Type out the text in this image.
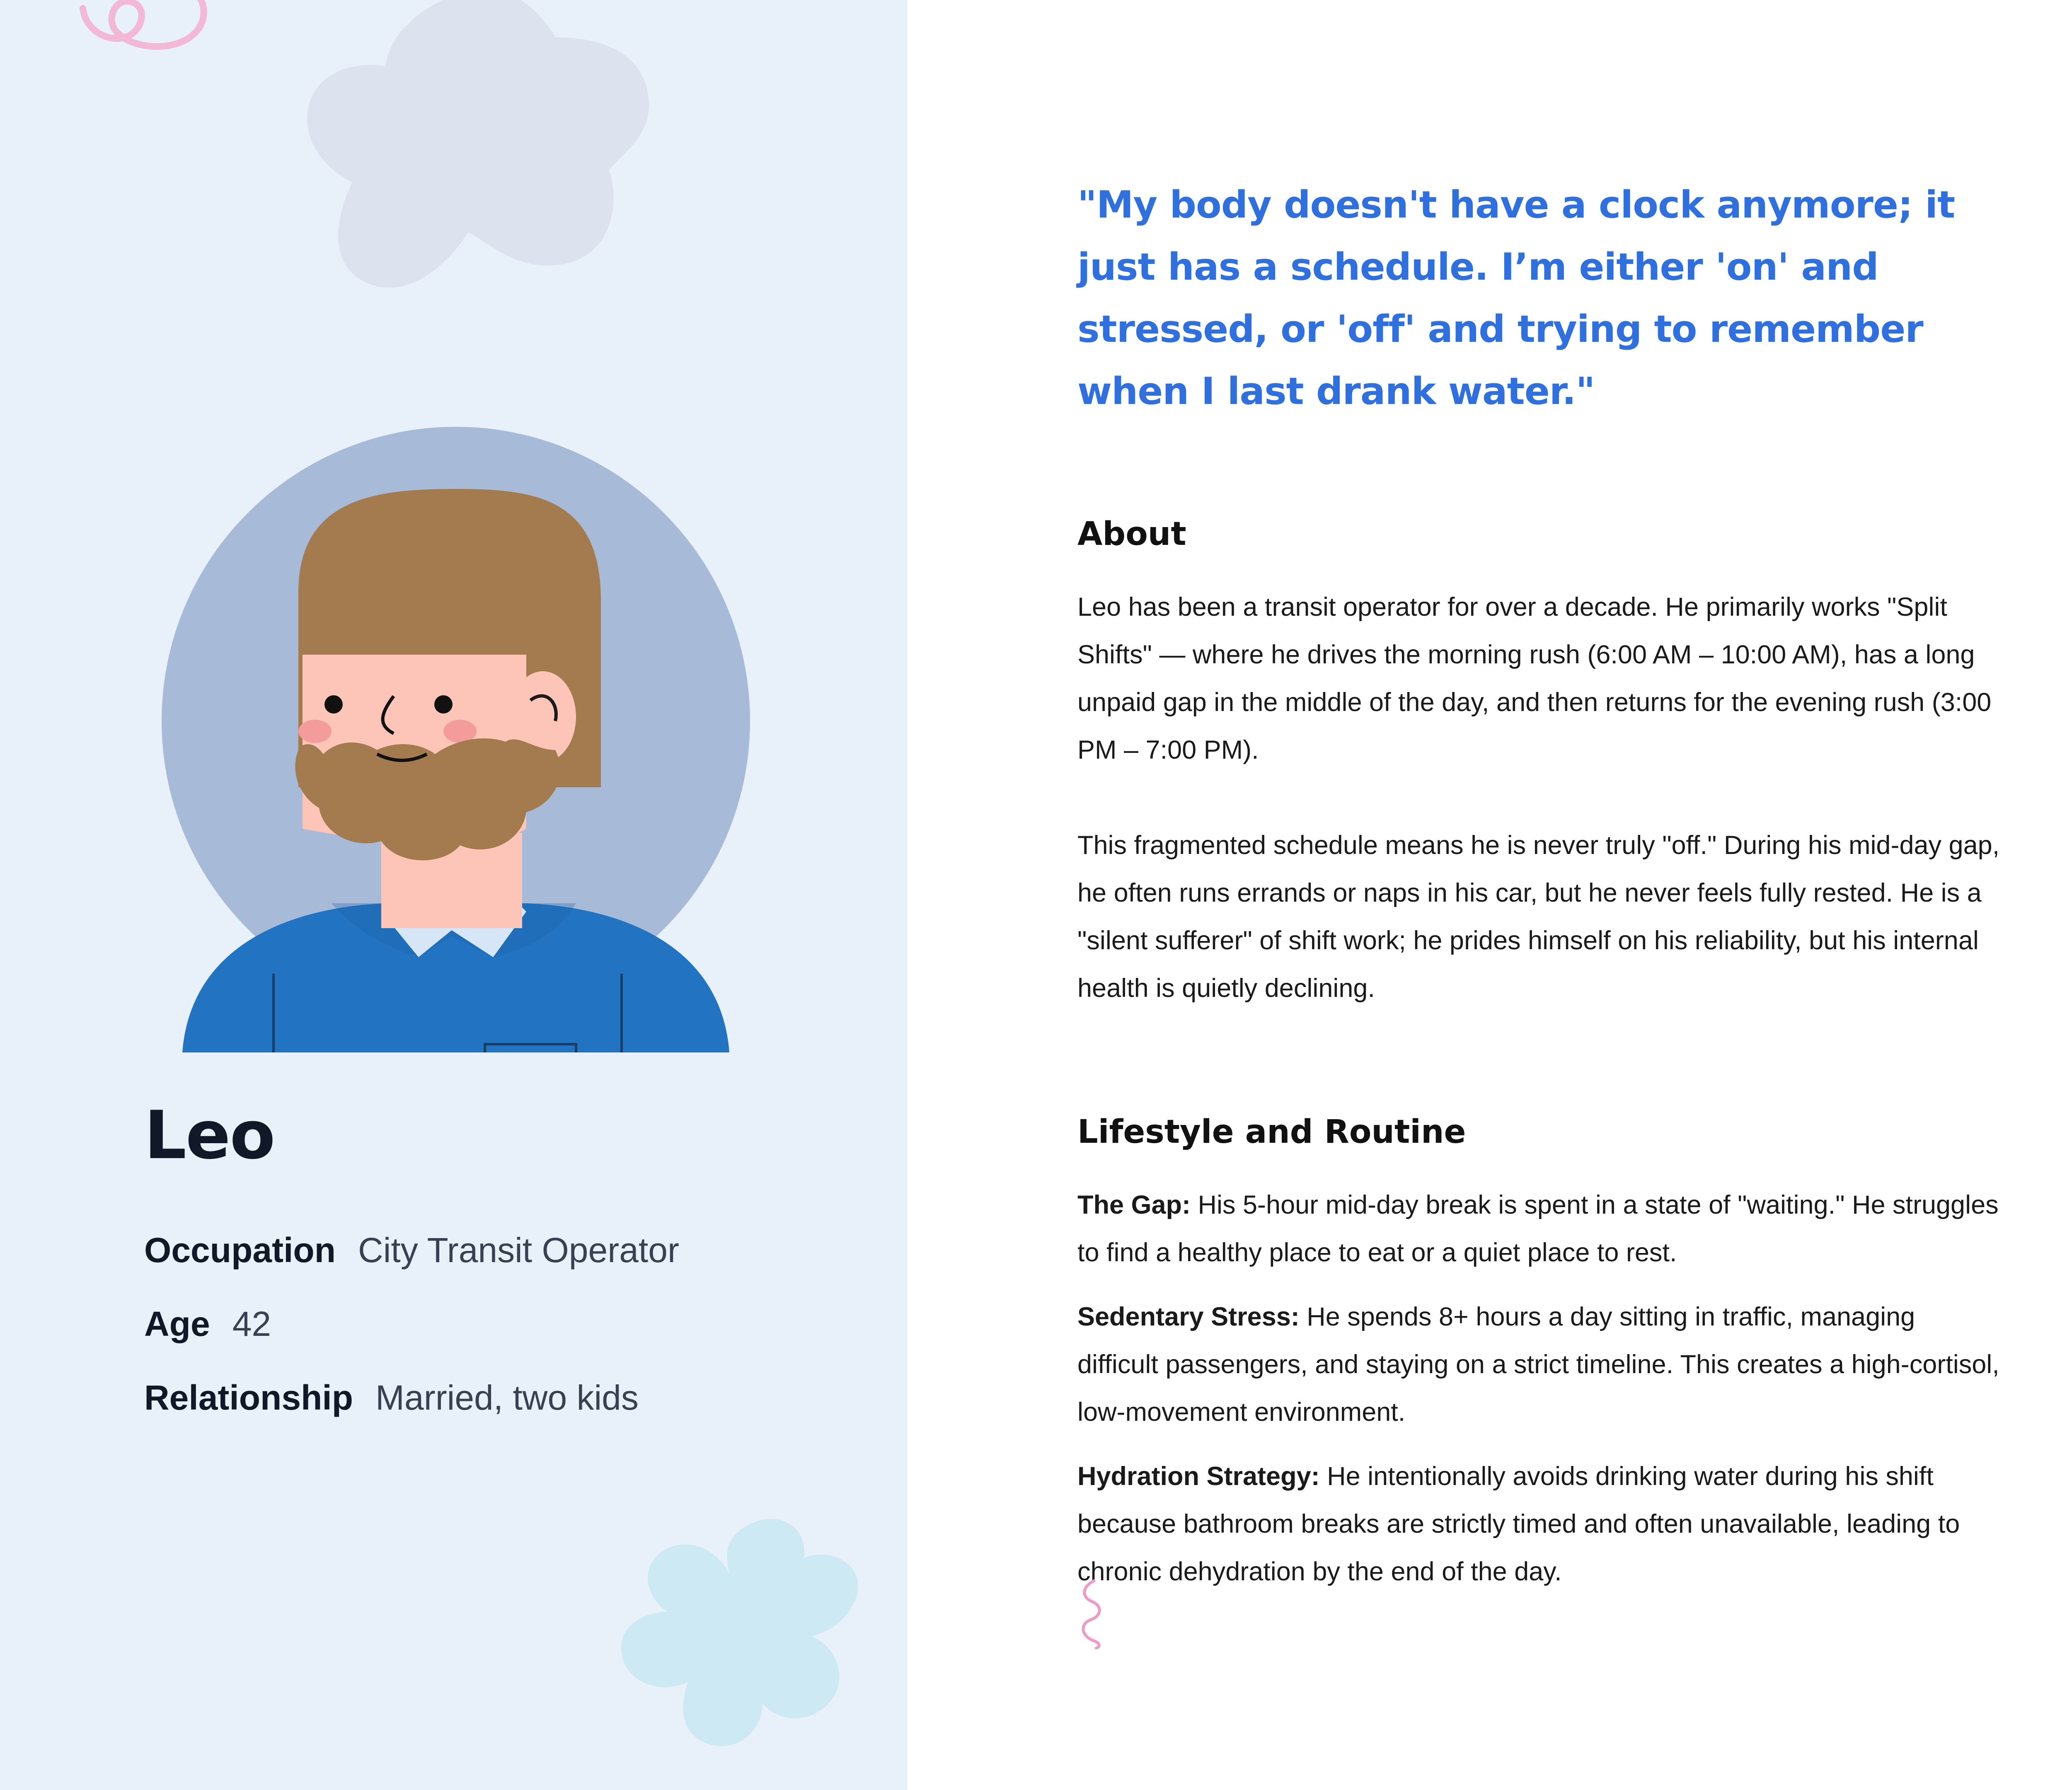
Leo
Occupation City Transit Operator
Age 42
Relationship Married, two kids

"My body doesn't have a clock anymore; it just has a schedule. I’m either 'on' and stressed, or 'off' and trying to remember when I last drank water."

About

Leo has been a transit operator for over a decade. He primarily works "Split Shifts" — where he drives the morning rush (6:00 AM – 10:00 AM), has a long unpaid gap in the middle of the day, and then returns for the evening rush (3:00 PM – 7:00 PM).

This fragmented schedule means he is never truly "off." During his mid-day gap, he often runs errands or naps in his car, but he never feels fully rested. He is a "silent sufferer" of shift work; he prides himself on his reliability, but his internal health is quietly declining.

Lifestyle and Routine

The Gap: His 5-hour mid-day break is spent in a state of "waiting." He struggles to find a healthy place to eat or a quiet place to rest.

Sedentary Stress: He spends 8+ hours a day sitting in traffic, managing difficult passengers, and staying on a strict timeline. This creates a high-cortisol, low-movement environment.

Hydration Strategy: He intentionally avoids drinking water during his shift because bathroom breaks are strictly timed and often unavailable, leading to chronic dehydration by the end of the day.
